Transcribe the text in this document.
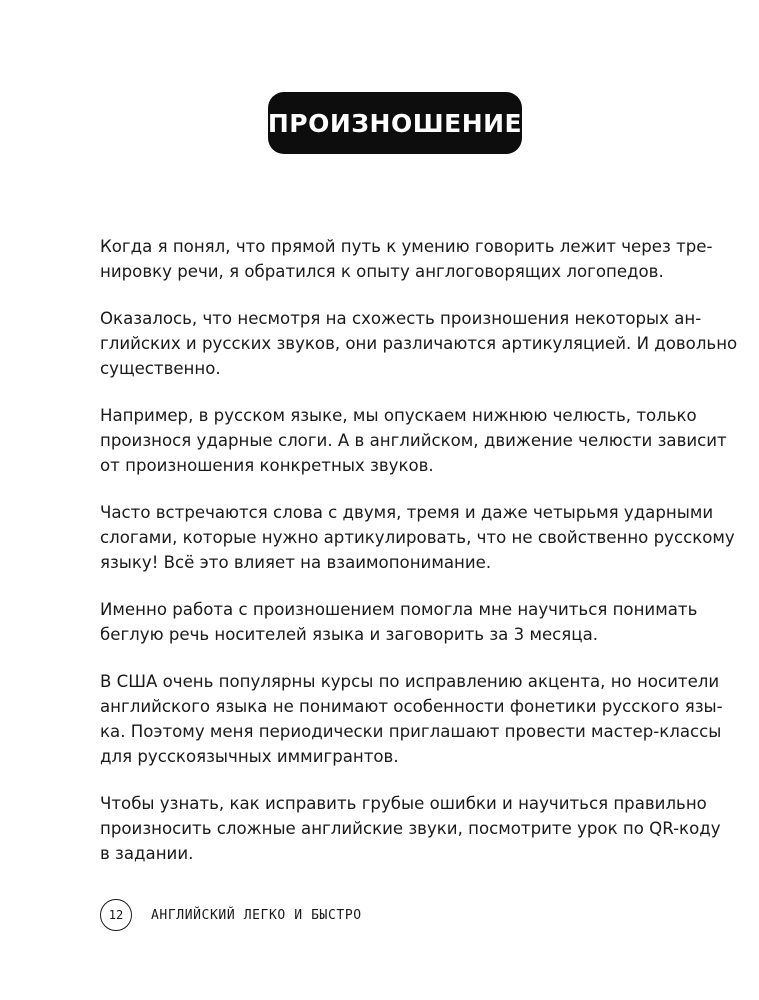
ПРОИЗНОШЕНИЕ

Когда я понял, что прямой путь к умению говорить лежит через тре-
нировку речи, я обратился к опыту англоговорящих логопедов.

Оказалось, что несмотря на схожесть произношения некоторых ан-
глийских и русских звуков, они различаются артикуляцией. И довольно
существенно.

Например, в русском языке, мы опускаем нижнюю челюсть, только
произнося ударные слоги. А в английском, движение челюсти зависит
от произношения конкретных звуков.

Часто встречаются слова с двумя, тремя и даже четырьмя ударными
слогами, которые нужно артикулировать, что не свойственно русскому
языку! Всё это влияет на взаимопонимание.

Именно работа с произношением помогла мне научиться понимать
беглую речь носителей языка и заговорить за 3 месяца.

В США очень популярны курсы по исправлению акцента, но носители
английского языка не понимают особенности фонетики русского язы-
ка. Поэтому меня периодически приглашают провести мастер-классы
для русскоязычных иммигрантов.

Чтобы узнать, как исправить грубые ошибки и научиться правильно
произносить сложные английские звуки, посмотрите урок по QR-коду
в задании.

12 АНГЛИЙСКИЙ ЛЕГКО И БЫСТРО
